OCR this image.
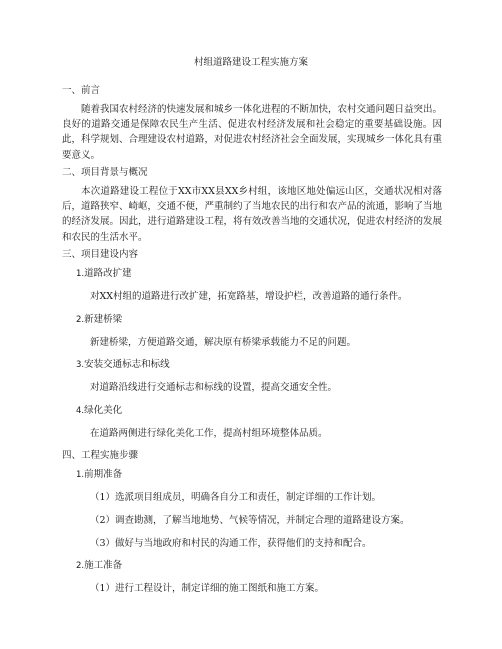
村组道路建设工程实施方案
一、前言

随着我国农村经济的快速发展和城乡一体化进程的不断加快，农村交通问题日益突出。良好的道路交通是保障农民生产生活、促进农村经济发展和社会稳定的重要基础设施。因此，科学规划、合理建设农村道路，对促进农村经济社会全面发展，实现城乡一体化具有重要意义。

二、项目背景与概况

本次道路建设工程位于XX市XX县XX乡村组，该地区地处偏远山区，交通状况相对落后，道路狭窄、崎岖，交通不便，严重制约了当地农民的出行和农产品的流通，影响了当地的经济发展。因此，进行道路建设工程，将有效改善当地的交通状况，促进农村经济的发展和农民的生活水平。

三、项目建设内容
1.道路改扩建
对XX村组的道路进行改扩建，拓宽路基，增设护栏，改善道路的通行条件。
2.新建桥梁
新建桥梁，方便道路交通，解决原有桥梁承载能力不足的问题。
3.安装交通标志和标线
对道路沿线进行交通标志和标线的设置，提高交通安全性。
4.绿化美化
在道路两侧进行绿化美化工作，提高村组环境整体品质。
四、工程实施步骤
1.前期准备
（1）选派项目组成员，明确各自分工和责任，制定详细的工作计划。
（2）调查勘测，了解当地地势、气候等情况，并制定合理的道路建设方案。
（3）做好与当地政府和村民的沟通工作，获得他们的支持和配合。
2.施工准备
（1）进行工程设计，制定详细的施工图纸和施工方案。
